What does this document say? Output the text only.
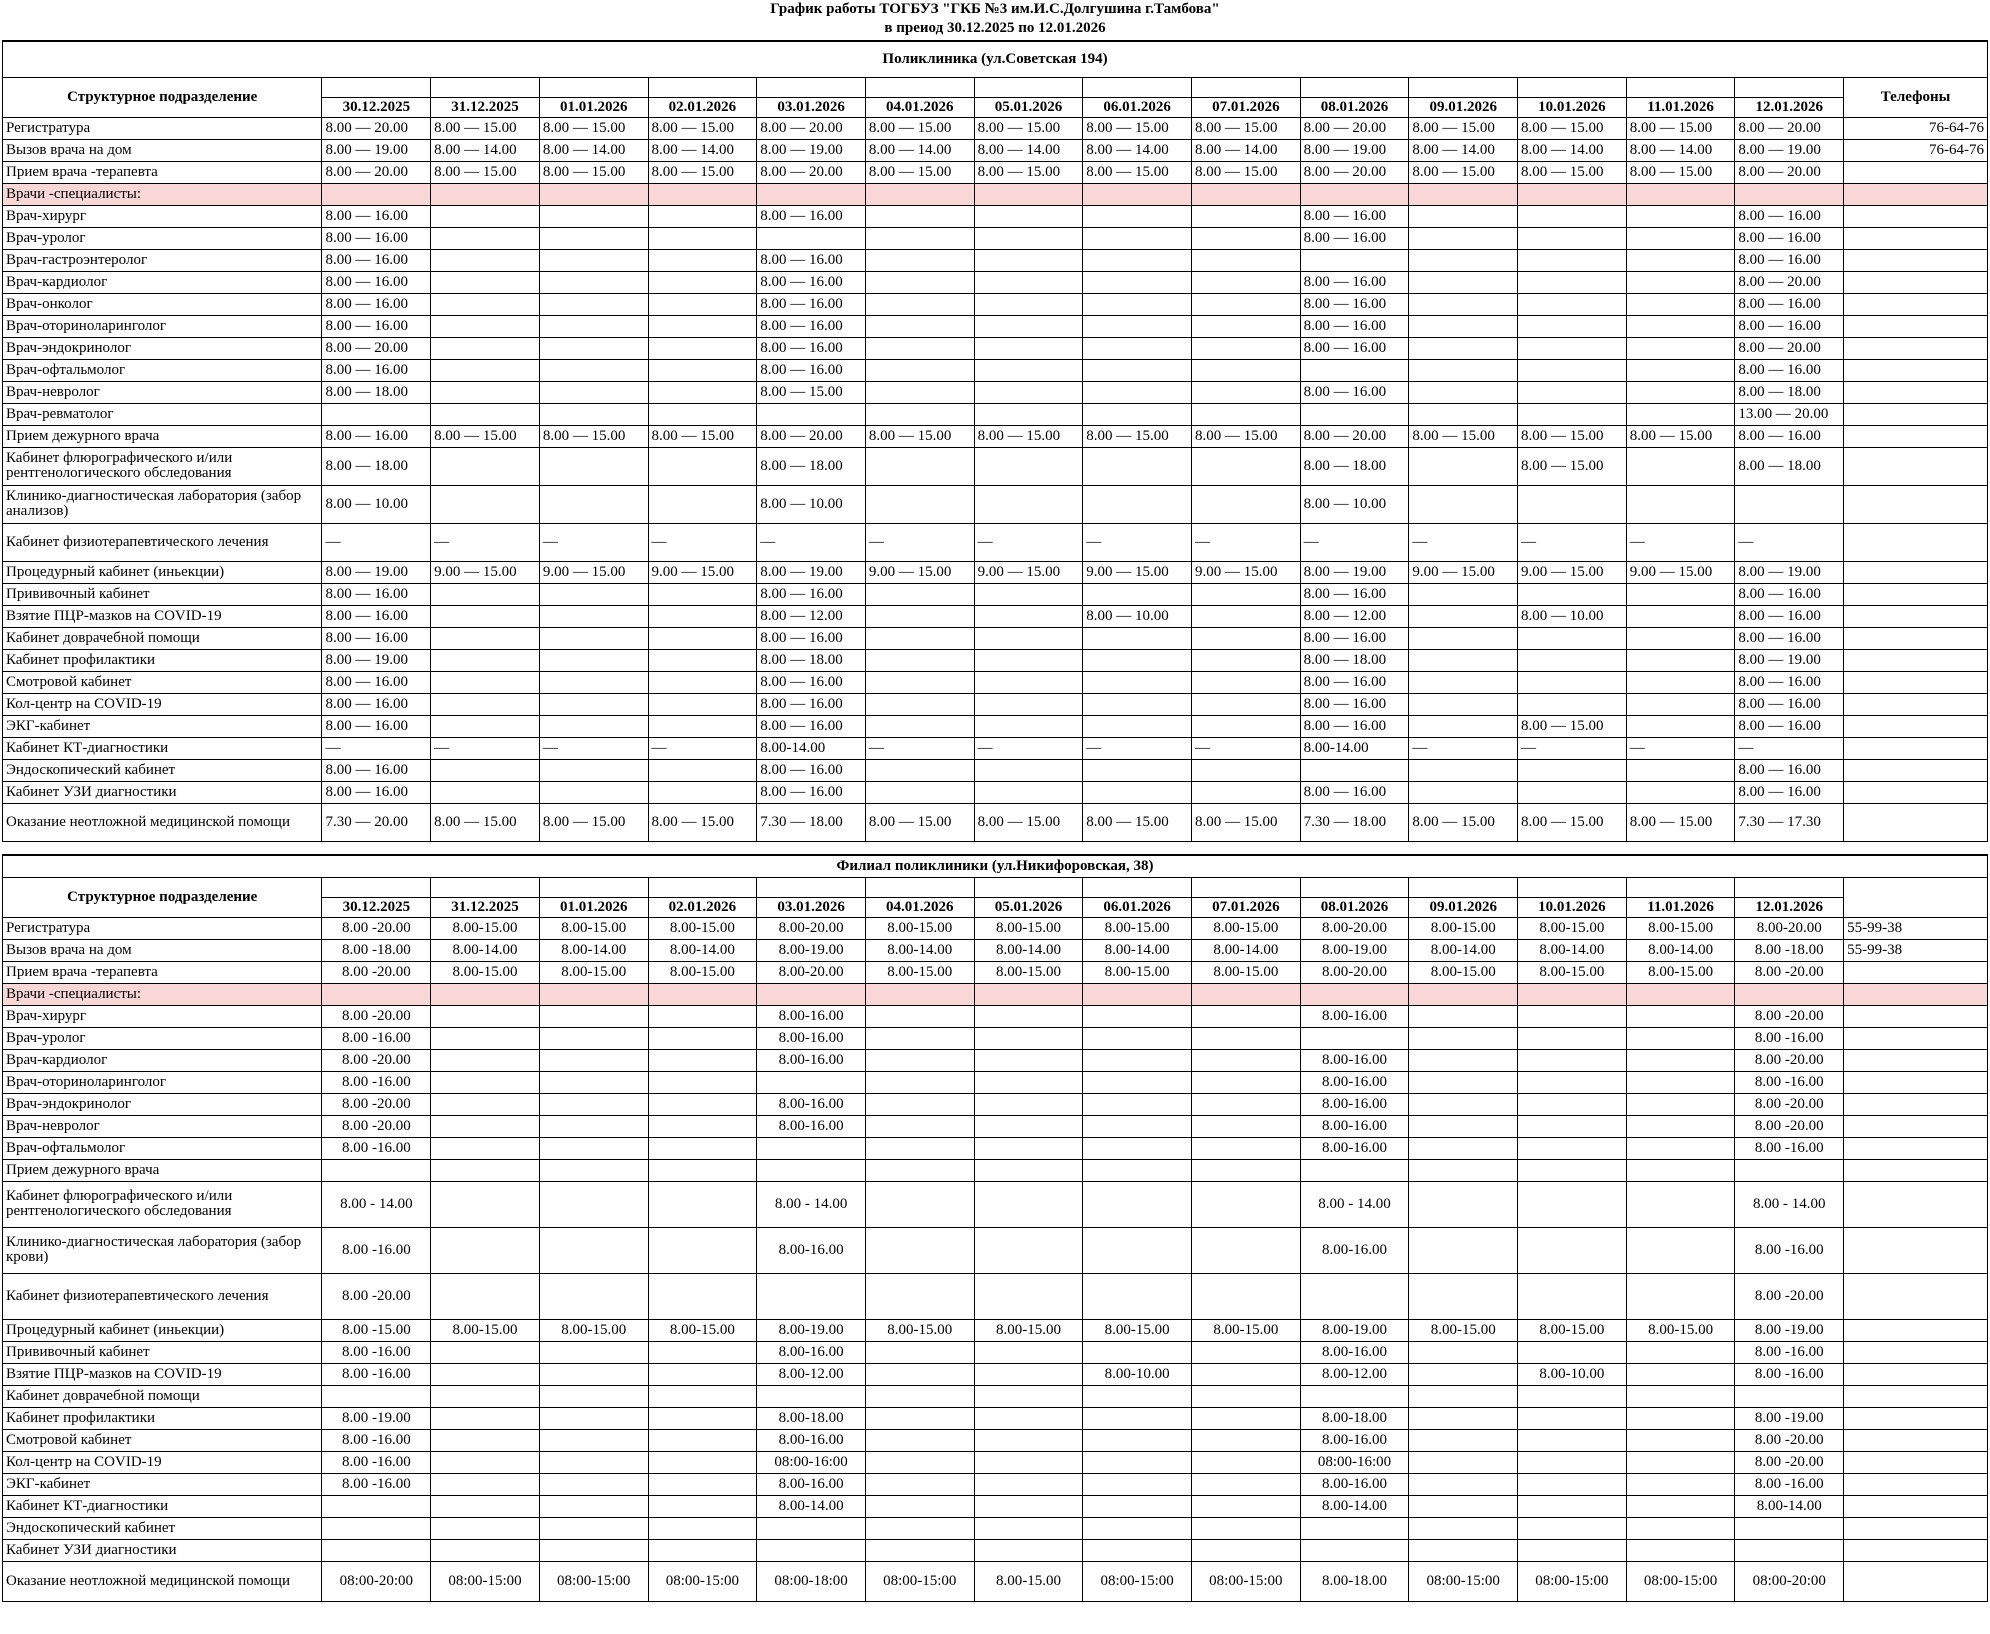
График работы ТОГБУЗ "ГКБ №3 им.И.С.Долгушина г.Тамбова"
в преиод 30.12.2025 по 12.01.2026
Поликлиника (ул.Советская 194)															
Структурное подразделение															Телефоны
	30.12.2025	31.12.2025	01.01.2026	02.01.2026	03.01.2026	04.01.2026	05.01.2026	06.01.2026	07.01.2026	08.01.2026	09.01.2026	10.01.2026	11.01.2026	12.01.2026	
Регистратура	8.00 — 20.00	8.00 — 15.00	8.00 — 15.00	8.00 — 15.00	8.00 — 20.00	8.00 — 15.00	8.00 — 15.00	8.00 — 15.00	8.00 — 15.00	8.00 — 20.00	8.00 — 15.00	8.00 — 15.00	8.00 — 15.00	8.00 — 20.00	76-64-76
Вызов врача на дом	8.00 — 19.00	8.00 — 14.00	8.00 — 14.00	8.00 — 14.00	8.00 — 19.00	8.00 — 14.00	8.00 — 14.00	8.00 — 14.00	8.00 — 14.00	8.00 — 19.00	8.00 — 14.00	8.00 — 14.00	8.00 — 14.00	8.00 — 19.00	76-64-76
Прием врача -терапевта	8.00 — 20.00	8.00 — 15.00	8.00 — 15.00	8.00 — 15.00	8.00 — 20.00	8.00 — 15.00	8.00 — 15.00	8.00 — 15.00	8.00 — 15.00	8.00 — 20.00	8.00 — 15.00	8.00 — 15.00	8.00 — 15.00	8.00 — 20.00	
Врачи -специалисты:															
Врач-хирург	8.00 — 16.00				8.00 — 16.00					8.00 — 16.00				8.00 — 16.00	
Врач-уролог	8.00 — 16.00									8.00 — 16.00				8.00 — 16.00	
Врач-гастроэнтеролог	8.00 — 16.00				8.00 — 16.00									8.00 — 16.00	
Врач-кардиолог	8.00 — 16.00				8.00 — 16.00					8.00 — 16.00				8.00 — 20.00	
Врач-онколог	8.00 — 16.00				8.00 — 16.00					8.00 — 16.00				8.00 — 16.00	
Врач-оториноларинголог	8.00 — 16.00				8.00 — 16.00					8.00 — 16.00				8.00 — 16.00	
Врач-эндокринолог	8.00 — 20.00				8.00 — 16.00					8.00 — 16.00				8.00 — 20.00	
Врач-офтальмолог	8.00 — 16.00				8.00 — 16.00									8.00 — 16.00	
Врач-невролог	8.00 — 18.00				8.00 — 15.00					8.00 — 16.00				8.00 — 18.00	
Врач-ревматолог														13.00 — 20.00	
Прием дежурного врача	8.00 — 16.00	8.00 — 15.00	8.00 — 15.00	8.00 — 15.00	8.00 — 20.00	8.00 — 15.00	8.00 — 15.00	8.00 — 15.00	8.00 — 15.00	8.00 — 20.00	8.00 — 15.00	8.00 — 15.00	8.00 — 15.00	8.00 — 16.00	
Кабинет флюрографического и/или рентгенологического обследования	8.00 — 18.00				8.00 — 18.00					8.00 — 18.00		8.00 — 15.00		8.00 — 18.00	
Клинико-диагностическая лаборатория (забор анализов)	8.00 — 10.00				8.00 — 10.00					8.00 — 10.00					
Кабинет физиотерапевтического лечения	—	—	—	—	—	—	—	—	—	—	—	—	—	—	
Процедурный кабинет (иньекции)	8.00 — 19.00	9.00 — 15.00	9.00 — 15.00	9.00 — 15.00	8.00 — 19.00	9.00 — 15.00	9.00 — 15.00	9.00 — 15.00	9.00 — 15.00	8.00 — 19.00	9.00 — 15.00	9.00 — 15.00	9.00 — 15.00	8.00 — 19.00	
Прививочный кабинет	8.00 — 16.00				8.00 — 16.00					8.00 — 16.00				8.00 — 16.00	
Взятие ПЦР-мазков на COVID-19	8.00 — 16.00				8.00 — 12.00			8.00 — 10.00		8.00 — 12.00		8.00 — 10.00		8.00 — 16.00	
Кабинет доврачебной помощи	8.00 — 16.00				8.00 — 16.00					8.00 — 16.00				8.00 — 16.00	
Кабинет профилактики	8.00 — 19.00				8.00 — 18.00					8.00 — 18.00				8.00 — 19.00	
Смотровой кабинет	8.00 — 16.00				8.00 — 16.00					8.00 — 16.00				8.00 — 16.00	
Кол-центр на COVID-19	8.00 — 16.00				8.00 — 16.00					8.00 — 16.00				8.00 — 16.00	
ЭКГ-кабинет	8.00 — 16.00				8.00 — 16.00					8.00 — 16.00		8.00 — 15.00		8.00 — 16.00	
Кабинет КТ-диагностики	—	—	—	—	8.00-14.00	—	—	—	—	8.00-14.00	—	—	—	—	
Эндоскопический кабинет	8.00 — 16.00				8.00 — 16.00									8.00 — 16.00	
Кабинет УЗИ диагностики	8.00 — 16.00				8.00 — 16.00					8.00 — 16.00				8.00 — 16.00	
Оказание неотложной медицинской помощи	7.30 — 20.00	8.00 — 15.00	8.00 — 15.00	8.00 — 15.00	7.30 — 18.00	8.00 — 15.00	8.00 — 15.00	8.00 — 15.00	8.00 — 15.00	7.30 — 18.00	8.00 — 15.00	8.00 — 15.00	8.00 — 15.00	7.30 — 17.30	
Филиал поликлиники (ул.Никифоровская, 38)															
Структурное подразделение															
	30.12.2025	31.12.2025	01.01.2026	02.01.2026	03.01.2026	04.01.2026	05.01.2026	06.01.2026	07.01.2026	08.01.2026	09.01.2026	10.01.2026	11.01.2026	12.01.2026	
Регистратура	8.00 -20.00	8.00-15.00	8.00-15.00	8.00-15.00	8.00-20.00	8.00-15.00	8.00-15.00	8.00-15.00	8.00-15.00	8.00-20.00	8.00-15.00	8.00-15.00	8.00-15.00	8.00-20.00	55-99-38
Вызов врача на дом	8.00 -18.00	8.00-14.00	8.00-14.00	8.00-14.00	8.00-19.00	8.00-14.00	8.00-14.00	8.00-14.00	8.00-14.00	8.00-19.00	8.00-14.00	8.00-14.00	8.00-14.00	8.00 -18.00	55-99-38
Прием врача -терапевта	8.00 -20.00	8.00-15.00	8.00-15.00	8.00-15.00	8.00-20.00	8.00-15.00	8.00-15.00	8.00-15.00	8.00-15.00	8.00-20.00	8.00-15.00	8.00-15.00	8.00-15.00	8.00 -20.00	
Врачи -специалисты:															
Врач-хирург	8.00 -20.00				8.00-16.00					8.00-16.00				8.00 -20.00	
Врач-уролог	8.00 -16.00				8.00-16.00									8.00 -16.00	
Врач-кардиолог	8.00 -20.00				8.00-16.00					8.00-16.00				8.00 -20.00	
Врач-оториноларинголог	8.00 -16.00									8.00-16.00				8.00 -16.00	
Врач-эндокринолог	8.00 -20.00				8.00-16.00					8.00-16.00				8.00 -20.00	
Врач-невролог	8.00 -20.00				8.00-16.00					8.00-16.00				8.00 -20.00	
Врач-офтальмолог	8.00 -16.00									8.00-16.00				8.00 -16.00	
Прием дежурного врача															
Кабинет флюрографического и/или рентгенологического обследования	8.00 - 14.00				8.00 - 14.00					8.00 - 14.00				8.00 - 14.00	
Клинико-диагностическая лаборатория (забор крови)	8.00 -16.00				8.00-16.00					8.00-16.00				8.00 -16.00	
Кабинет физиотерапевтического лечения	8.00 -20.00													8.00 -20.00	
Процедурный кабинет (иньекции)	8.00 -15.00	8.00-15.00	8.00-15.00	8.00-15.00	8.00-19.00	8.00-15.00	8.00-15.00	8.00-15.00	8.00-15.00	8.00-19.00	8.00-15.00	8.00-15.00	8.00-15.00	8.00 -19.00	
Прививочный кабинет	8.00 -16.00				8.00-16.00					8.00-16.00				8.00 -16.00	
Взятие ПЦР-мазков на COVID-19	8.00 -16.00				8.00-12.00			8.00-10.00		8.00-12.00		8.00-10.00		8.00 -16.00	
Кабинет доврачебной помощи															
Кабинет профилактики	8.00 -19.00				8.00-18.00					8.00-18.00				8.00 -19.00	
Смотровой кабинет	8.00 -16.00				8.00-16.00					8.00-16.00				8.00 -20.00	
Кол-центр на COVID-19	8.00 -16.00				08:00-16:00					08:00-16:00				8.00 -20.00	
ЭКГ-кабинет	8.00 -16.00				8.00-16.00					8.00-16.00				8.00 -16.00	
Кабинет КТ-диагностики					8.00-14.00					8.00-14.00				8.00-14.00	
Эндоскопический кабинет															
Кабинет УЗИ диагностики															
Оказание неотложной медицинской помощи	08:00-20:00	08:00-15:00	08:00-15:00	08:00-15:00	08:00-18:00	08:00-15:00	8.00-15.00	08:00-15:00	08:00-15:00	8.00-18.00	08:00-15:00	08:00-15:00	08:00-15:00	08:00-20:00	
